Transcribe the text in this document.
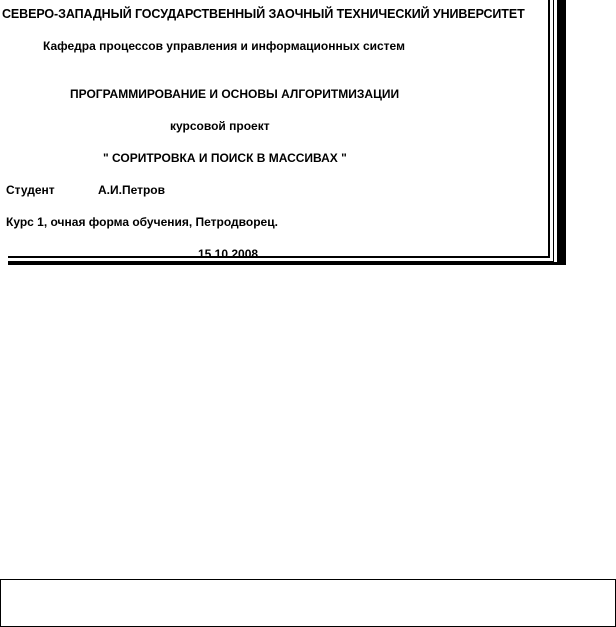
СЕВЕРО-ЗАПАДНЫЙ ГОСУДАРСТВЕННЫЙ ЗАОЧНЫЙ ТЕХНИЧЕСКИЙ УНИВЕРСИТЕТ
Кафедра процессов управления и информационных систем
ПРОГРАММИРОВАНИЕ И ОСНОВЫ АЛГОРИТМИЗАЦИИ
курсовой проект
" СОРИТРОВКА И ПОИСК В МАССИВАХ "
Студент	А.И.Петров
Курс 1, очная форма обучения, Петродворец.
15.10.2008
